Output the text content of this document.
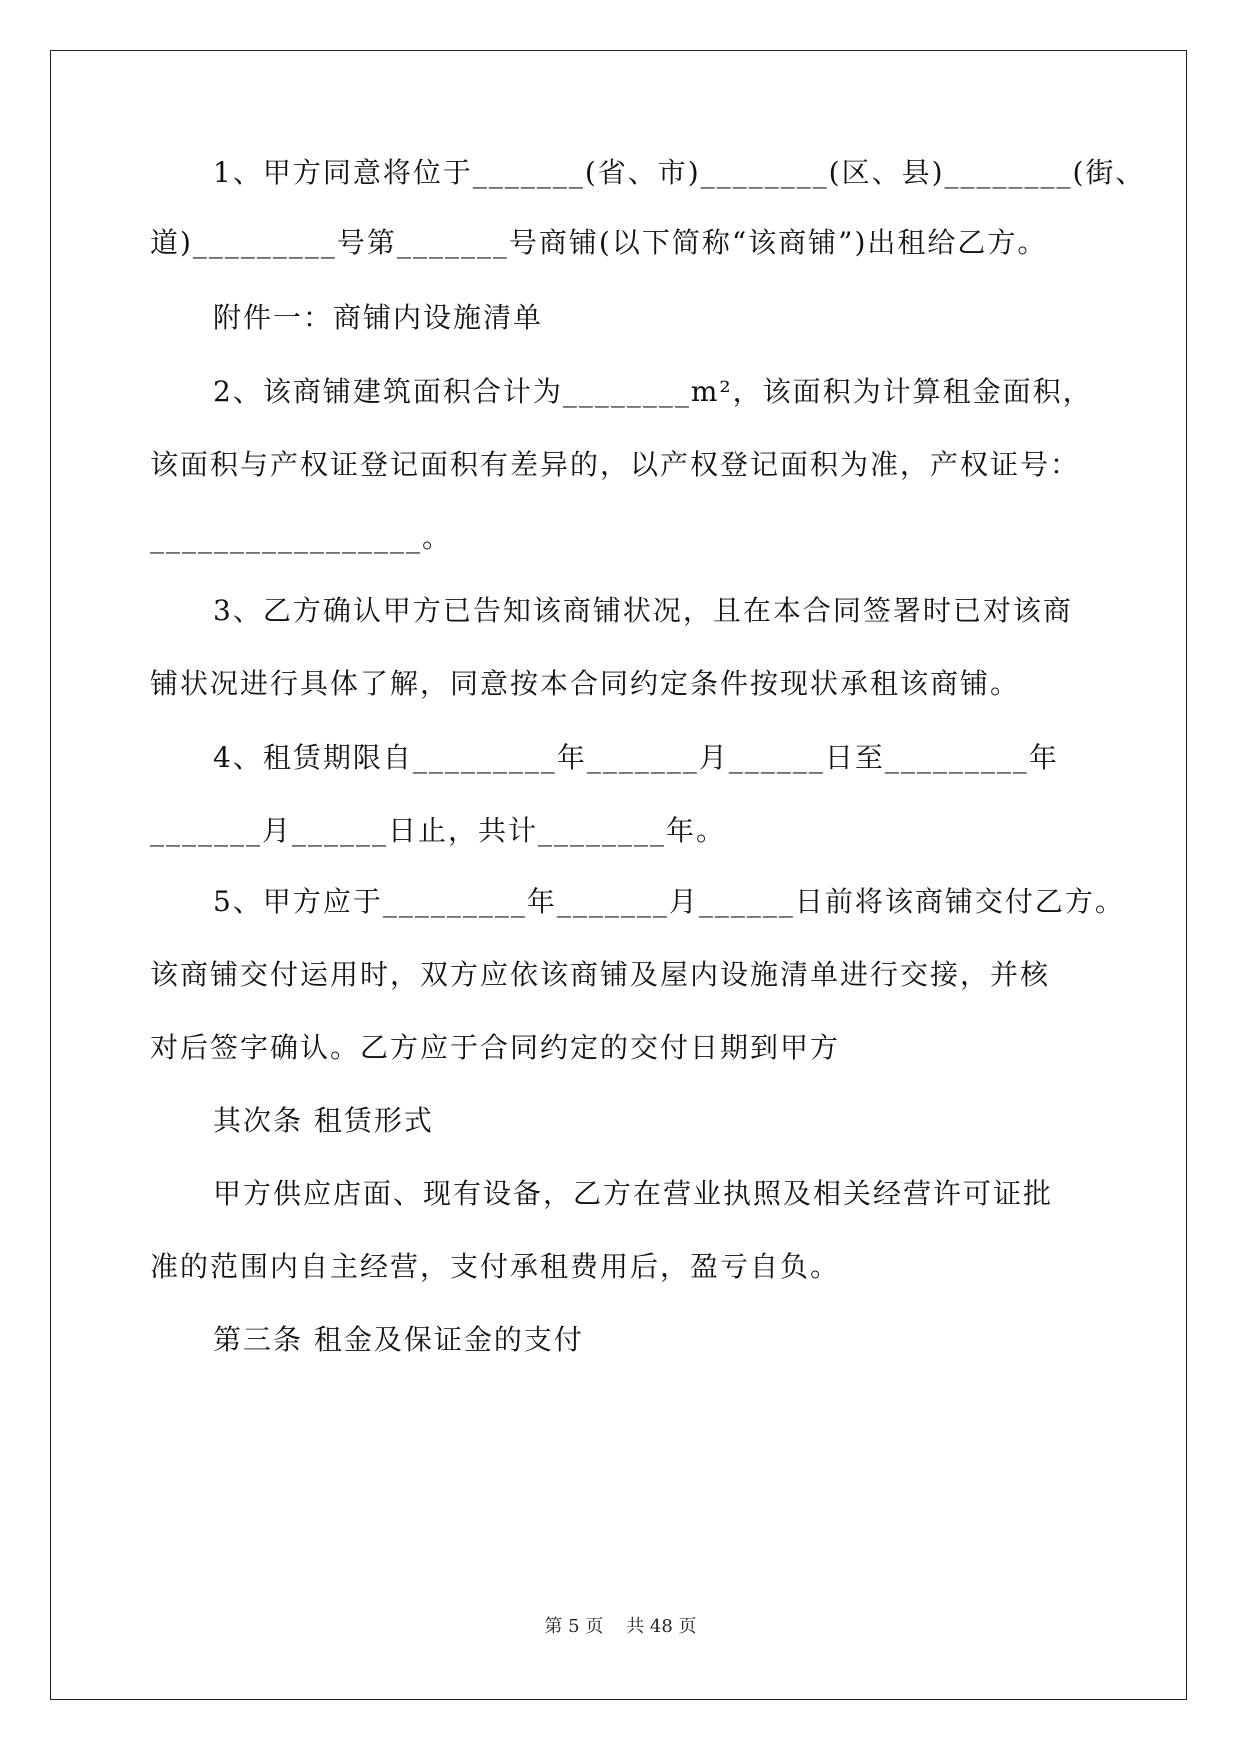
1、甲方同意将位于_______(省、市)________(区、县)________(街、
道)_________号第_______号商铺(以下简称“该商铺”)出租给乙方。
附件一：商铺内设施清单
2、该商铺建筑面积合计为________m²，该面积为计算租金面积，
该面积与产权证登记面积有差异的，以产权登记面积为准，产权证号：
_________________。
3、乙方确认甲方已告知该商铺状况，且在本合同签署时已对该商
铺状况进行具体了解，同意按本合同约定条件按现状承租该商铺。
4、租赁期限自_________年_______月______日至_________年
_______月______日止，共计________年。
5、甲方应于_________年_______月______日前将该商铺交付乙方。
该商铺交付运用时，双方应依该商铺及屋内设施清单进行交接，并核
对后签字确认。乙方应于合同约定的交付日期到甲方
其次条 租赁形式
甲方供应店面、现有设备，乙方在营业执照及相关经营许可证批
准的范围内自主经营，支付承租费用后，盈亏自负。
第三条 租金及保证金的支付
第 5 页    共 48 页
